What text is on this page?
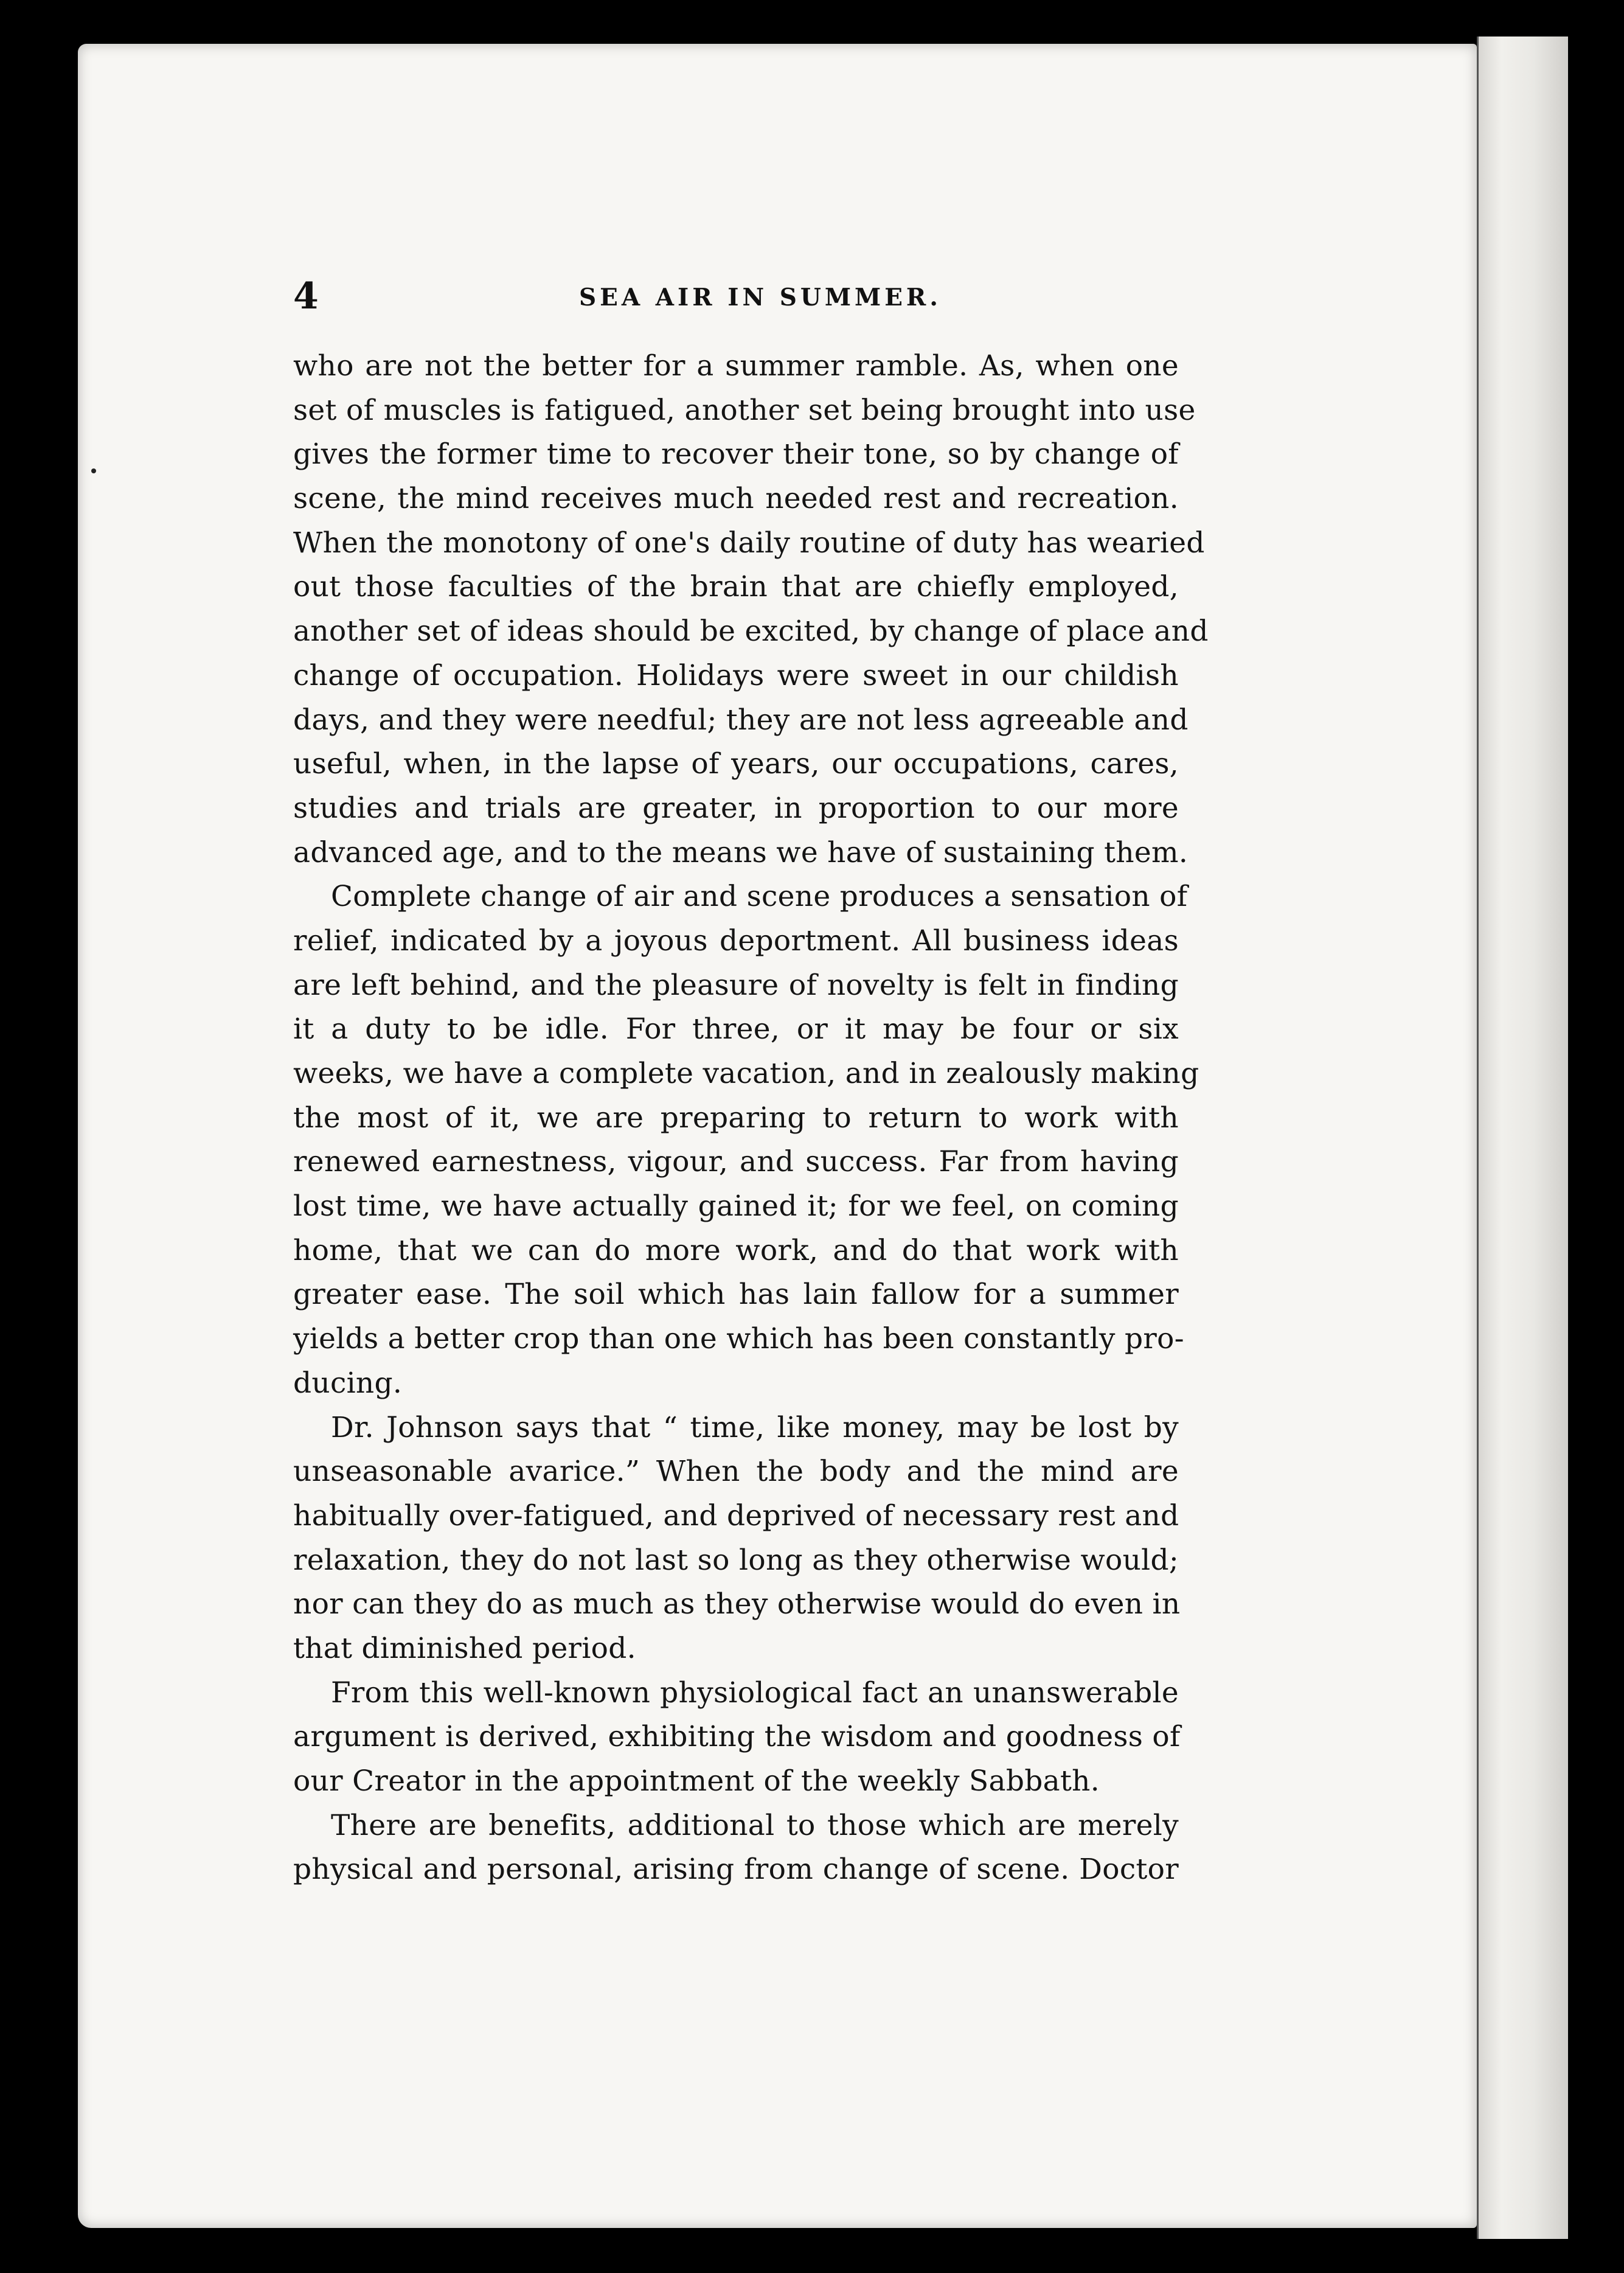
4	SEA AIR IN SUMMER.
who are not the better for a summer ramble. As, when one
set of muscles is fatigued, another set being brought into use
gives the former time to recover their tone, so by change of
scene, the mind receives much needed rest and recreation.
When the monotony of one's daily routine of duty has wearied
out those faculties of the brain that are chiefly employed,
another set of ideas should be excited, by change of place and
change of occupation. Holidays were sweet in our childish
days, and they were needful; they are not less agreeable and
useful, when, in the lapse of years, our occupations, cares,
studies and trials are greater, in proportion to our more
advanced age, and to the means we have of sustaining them.
Complete change of air and scene produces a sensation of
relief, indicated by a joyous deportment. All business ideas
are left behind, and the pleasure of novelty is felt in finding
it a duty to be idle. For three, or it may be four or six
weeks, we have a complete vacation, and in zealously making
the most of it, we are preparing to return to work with
renewed earnestness, vigour, and success. Far from having
lost time, we have actually gained it; for we feel, on coming
home, that we can do more work, and do that work with
greater ease. The soil which has lain fallow for a summer
yields a better crop than one which has been constantly pro-
ducing.
Dr. Johnson says that “ time, like money, may be lost by
unseasonable avarice.” When the body and the mind are
habitually over-fatigued, and deprived of necessary rest and
relaxation, they do not last so long as they otherwise would;
nor can they do as much as they otherwise would do even in
that diminished period.
From this well-known physiological fact an unanswerable
argument is derived, exhibiting the wisdom and goodness of
our Creator in the appointment of the weekly Sabbath.
There are benefits, additional to those which are merely
physical and personal, arising from change of scene. Doctor
